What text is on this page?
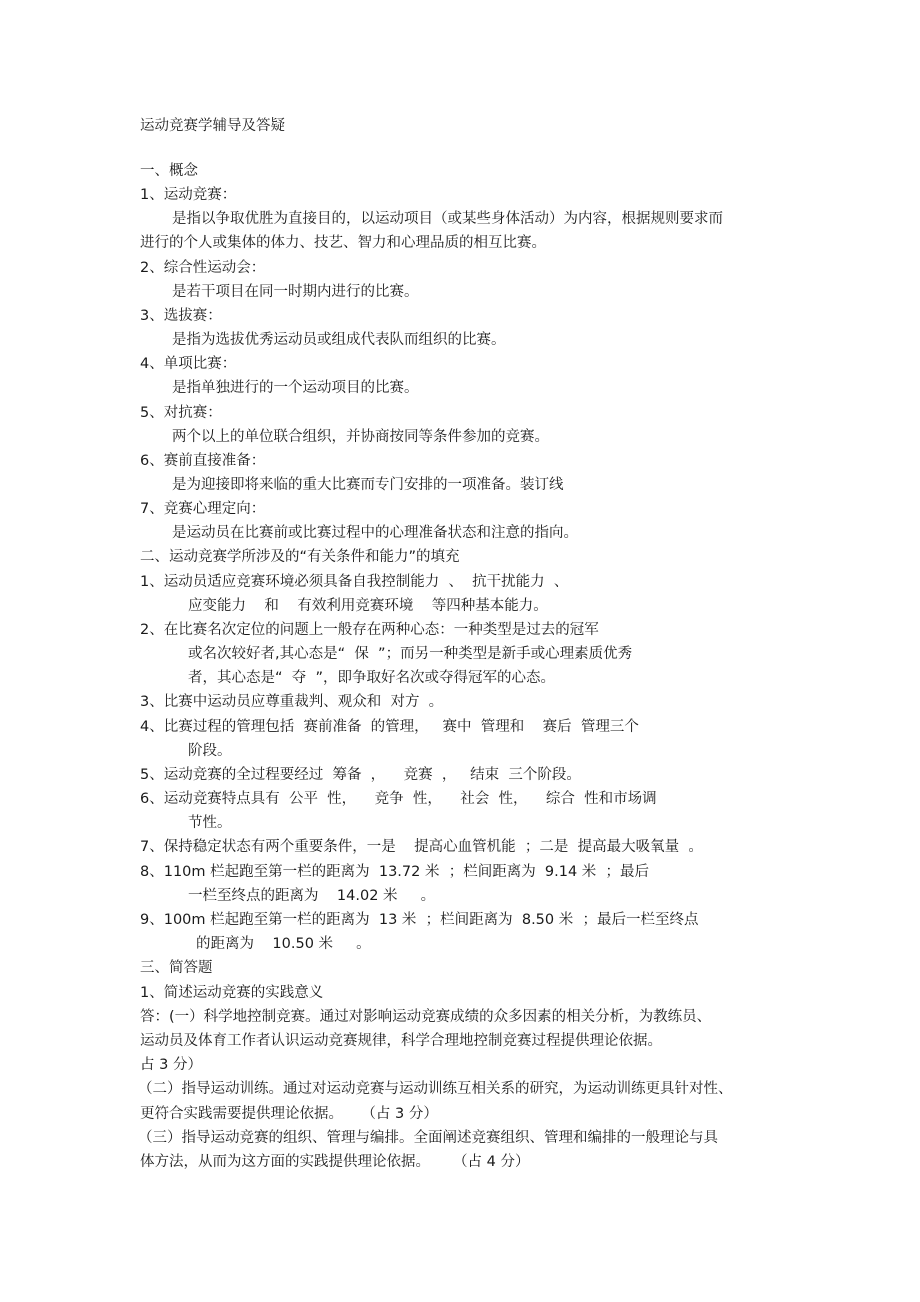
运动竞赛学辅导及答疑

一、概念

1、运动竞赛：

是指以争取优胜为直接目的，以运动项目（或某些身体活动）为内容，根据规则要求而

进行的个人或集体的体力、技艺、智力和心理品质的相互比赛。

2、综合性运动会：

是若干项目在同一时期内进行的比赛。

3、选拔赛：

是指为选拔优秀运动员或组成代表队而组织的比赛。

4、单项比赛：

是指单独进行的一个运动项目的比赛。

5、对抗赛：

两个以上的单位联合组织，并协商按同等条件参加的竞赛。

6、赛前直接准备：

是为迎接即将来临的重大比赛而专门安排的一项准备。装订线

7、竞赛心理定向：

是运动员在比赛前或比赛过程中的心理准备状态和注意的指向。

二、运动竞赛学所涉及的“有关条件和能力”的填充

1、运动员适应竞赛环境必须具备自我控制能力  、  抗干扰能力  、

应变能力    和    有效利用竞赛环境    等四种基本能力。

2、在比赛名次定位的问题上一般存在两种心态：一种类型是过去的冠军

或名次较好者,其心态是“  保  ”；而另一种类型是新手或心理素质优秀

者，其心态是“  夺  ”，即争取好名次或夺得冠军的心态。

3、比赛中运动员应尊重裁判、观众和  对方  。

4、比赛过程的管理包括  赛前准备  的管理，   赛中  管理和    赛后  管理三个

阶段。

5、运动竞赛的全过程要经过  筹备  ，    竞赛  ，   结束  三个阶段。

6、运动竞赛特点具有  公平  性，    竞争  性，    社会  性，    综合  性和市场调

节性。

7、保持稳定状态有两个重要条件，一是    提高心血管机能  ；二是  提高最大吸氧量  。

8、110m 栏起跑至第一栏的距离为  13.72 米  ；栏间距离为  9.14 米  ；最后

一栏至终点的距离为    14.02 米     。

9、100m 栏起跑至第一栏的距离为  13 米  ；栏间距离为  8.50 米  ；最后一栏至终点

的距离为    10.50 米     。

三、简答题

1、简述运动竞赛的实践意义

答：(一）科学地控制竞赛。通过对影响运动竞赛成绩的众多因素的相关分析，为教练员、

运动员及体育工作者认识运动竞赛规律，科学合理地控制竞赛过程提供理论依据。

占 3 分）

（二）指导运动训练。通过对运动竞赛与运动训练互相关系的研究，为运动训练更具针对性、

更符合实践需要提供理论依据。    （占 3 分）

（三）指导运动竞赛的组织、管理与编排。全面阐述竞赛组织、管理和编排的一般理论与具

体方法，从而为这方面的实践提供理论依据。     （占 4 分）
